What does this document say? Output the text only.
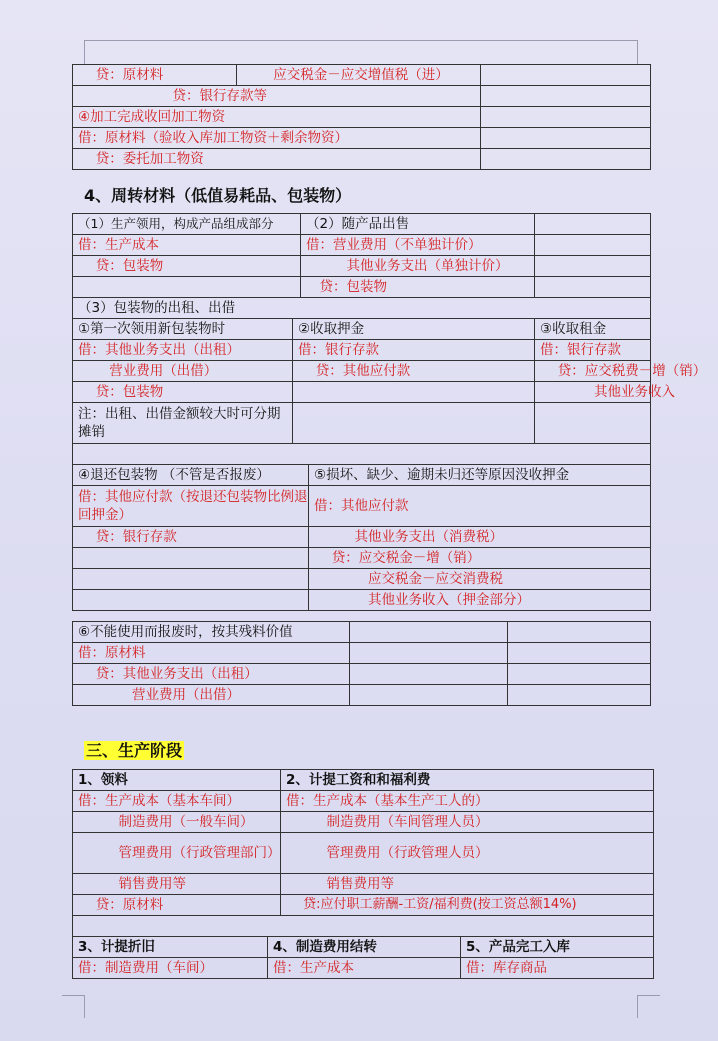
　 贷：原材料	　　 应交税金－应交增值税（进）	
　　　　　　　贷：银行存款等		
④加工完成收回加工物资		
借：原材料（验收入库加工物资＋剩余物资）		
　 贷：委托加工物资		
4、周转材料（低值易耗品、包装物）
（1）生产领用，构成产品组成部分		（2）随产品出售		
借：生产成本		借：营业费用（不单独计价）		
　 贷：包装物		　　　其他业务支出（单独计价）		
		　贷：包装物		
（3）包装物的出租、出借				
①第一次领用新包装物时	②收取押金			③收取租金
借：其他业务支出（出租）	借：银行存款			借：银行存款
　　 营业费用（出借）	　 贷：其他应付款			　 贷：应交税费－增（销）
　 贷：包装物				　　　　其他业务收入
注：出租、出借金额较大时可分期摊销				

④退还包装物 （不管是否报废）			⑤损坏、缺少、逾期未归还等原因没收押金	
借：其他应付款（按退还包装物比例退回押金）			借：其他应付款	
　 贷：银行存款			　　　其他业务支出（消费税）	
			　 贷：应交税金－增（销）	
			　　　　应交税金－应交消费税	
			　　　　其他业务收入（押金部分）	
⑥不能使用而报废时，按其残料价值		
借：原材料		
　 贷：其他业务支出（出租）		
　　　　营业费用（出借）		
三、生产阶段
1、领料		2、计提工资和和福利费	
借：生产成本（基本车间）		借：生产成本（基本生产工人的）	
　　　制造费用（一般车间）		　　　制造费用（车间管理人员）	
　　　管理费用（行政管理部门）		　　　管理费用（行政管理人员）	
　　　销售费用等		　　　销售费用等	
　 贷：原材料		　 贷:应付职工薪酬-工资/福利费(按工资总额14%)	

3、计提折旧	4、制造费用结转		5、产品完工入库
借：制造费用（车间）	借：生产成本		借：库存商品
